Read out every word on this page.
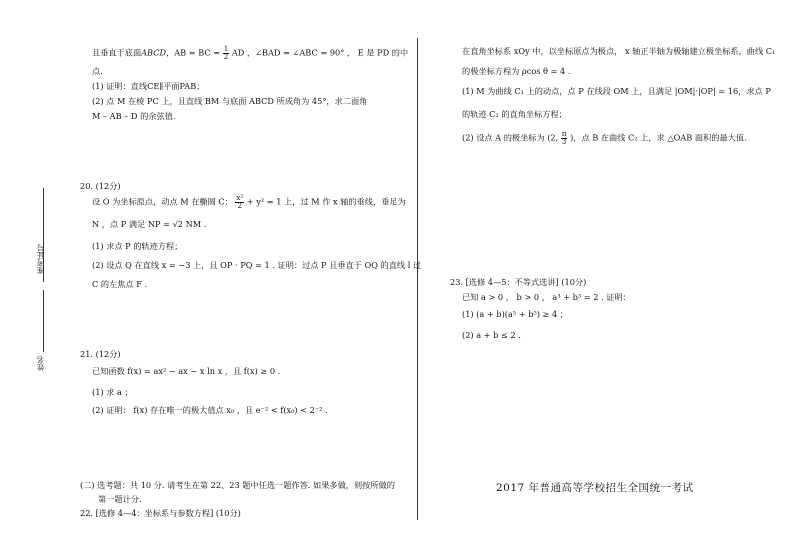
准考证号
姓名
且垂直于底面ABCD，AB = BC = $\frac{1}{2}$ AD ，∠BAD = ∠ABC = 90° ， E 是 PD 的中
点.
(1) 证明：直线CE∥平面PAB；
(2) 点 M 在棱 PC 上，且直线 BM 与底面 ABCD 所成角为 45°，求二面角
M – AB – D 的余弦值.
20. (12分)
设 O 为坐标原点，动点 M 在椭圆 C： $\frac{\text{x²}}{2} + y^2 = 1$ 上，过 M 作 x 轴的垂线，垂足为
N ，点 P 满足 NP = √2 NM .
(1) 求点 P 的轨迹方程；
(2) 设点 Q 在直线 x = −3 上，且 OP · PQ = 1 . 证明：过点 P 且垂直于 OQ 的直线 l 过
C 的左焦点 F .
21. (12分)
已知函数 f(x) = ax² − ax − x ln x ，且 f(x) ≥ 0 .
(1) 求 a ；
(2) 证明： f(x) 存在唯一的极大值点 x₀ ，且 e⁻² < f(x₀) < 2⁻² .
(二) 选考题：共 10 分. 请考生在第 22、23 题中任选一题作答. 如果多做，则按所做的
第一题计分.
22. [选修 4—4：坐标系与参数方程] (10分)
在直角坐标系 xOy 中，以坐标原点为极点， x 轴正半轴为极轴建立极坐标系，曲线 C₁
的极坐标方程为 ρcos θ = 4 .
(1) M 为曲线 C₁ 上的动点，点 P 在线段 OM 上，且满足 |OM|·|OP| = 16，求点 P
的轨迹 C₂ 的直角坐标方程；
(2) 设点 A 的极坐标为 (2, $\frac{\pi}{3}$ )，点 B 在曲线 C₂ 上，求 △OAB 面积的最大值.
23. [选修 4—5：不等式选讲] (10分)
已知 a > 0 ， b > 0 ， a³ + b³ = 2 . 证明：
(1) (a + b)(a⁵ + b⁵) ≥ 4 ；
(2) a + b ≤ 2 .
2017 年普通高等学校招生全国统一考试
